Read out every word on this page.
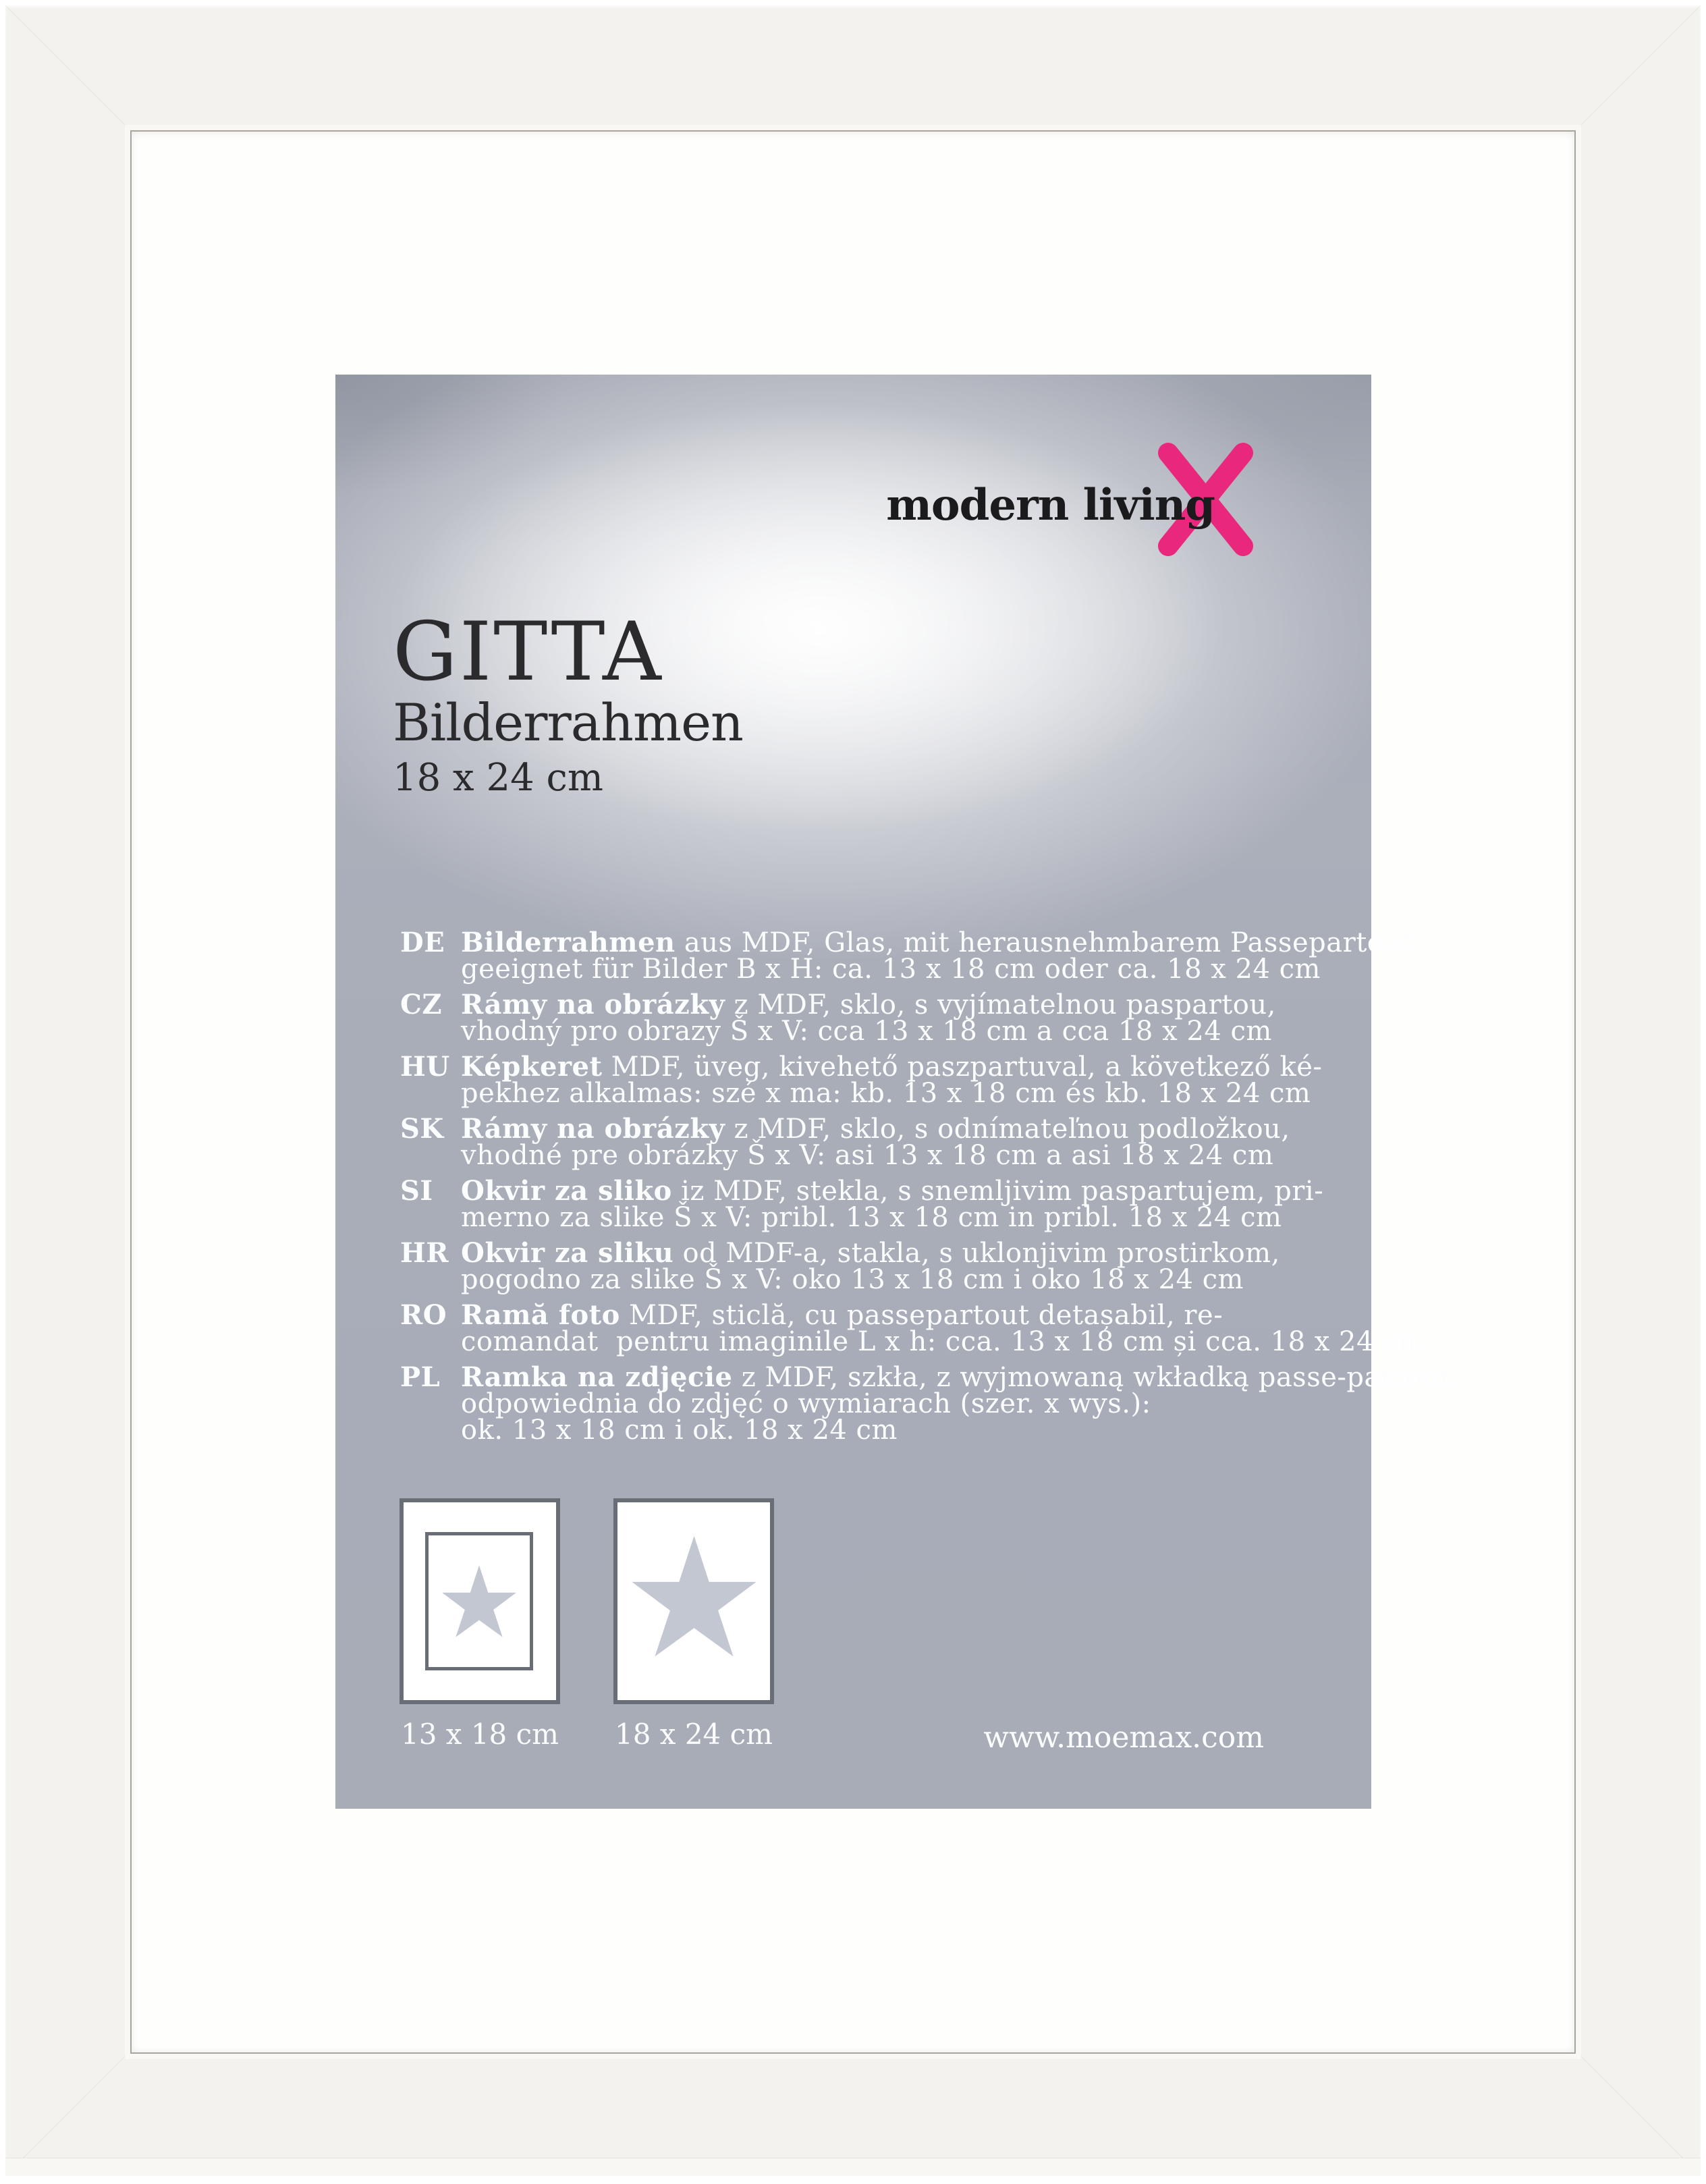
modern living
GITTA
Bilderrahmen
18 x 24 cm
DE Bilderrahmen aus MDF, Glas, mit herausnehmbarem Passepartout,
geeignet für Bilder B x H: ca. 13 x 18 cm oder ca. 18 x 24 cm
CZ Rámy na obrázky z MDF, sklo, s vyjímatelnou paspartou,
vhodný pro obrazy Š x V: cca 13 x 18 cm a cca 18 x 24 cm
HU Képkeret MDF, üveg, kivehető paszpartuval, a következő ké-
pekhez alkalmas: szé x ma: kb. 13 x 18 cm és kb. 18 x 24 cm
SK Rámy na obrázky z MDF, sklo, s odnímateľnou podložkou,
vhodné pre obrázky Š x V: asi 13 x 18 cm a asi 18 x 24 cm
SI	Okvir za sliko iz MDF, stekla, s snemljivim paspartujem, pri-
merno za slike Š x V: pribl. 13 x 18 cm in pribl. 18 x 24 cm
HR Okvir za sliku od MDF-a, stakla, s uklonjivim prostirkom,
pogodno za slike Š x V: oko 13 x 18 cm i oko 18 x 24 cm
RO Ramă foto MDF, sticlă, cu passepartout detașabil, re-
comandat  pentru imaginile L x h: cca. 13 x 18 cm și cca. 18 x 24 cm
PL Ramka na zdjęcie z MDF, szkła, z wyjmowaną wkładką passe-partout,
odpowiednia do zdjęć o wymiarach (szer. x wys.):
ok. 13 x 18 cm i ok. 18 x 24 cm
13 x 18 cm	18 x 24 cm	www.moemax.com
